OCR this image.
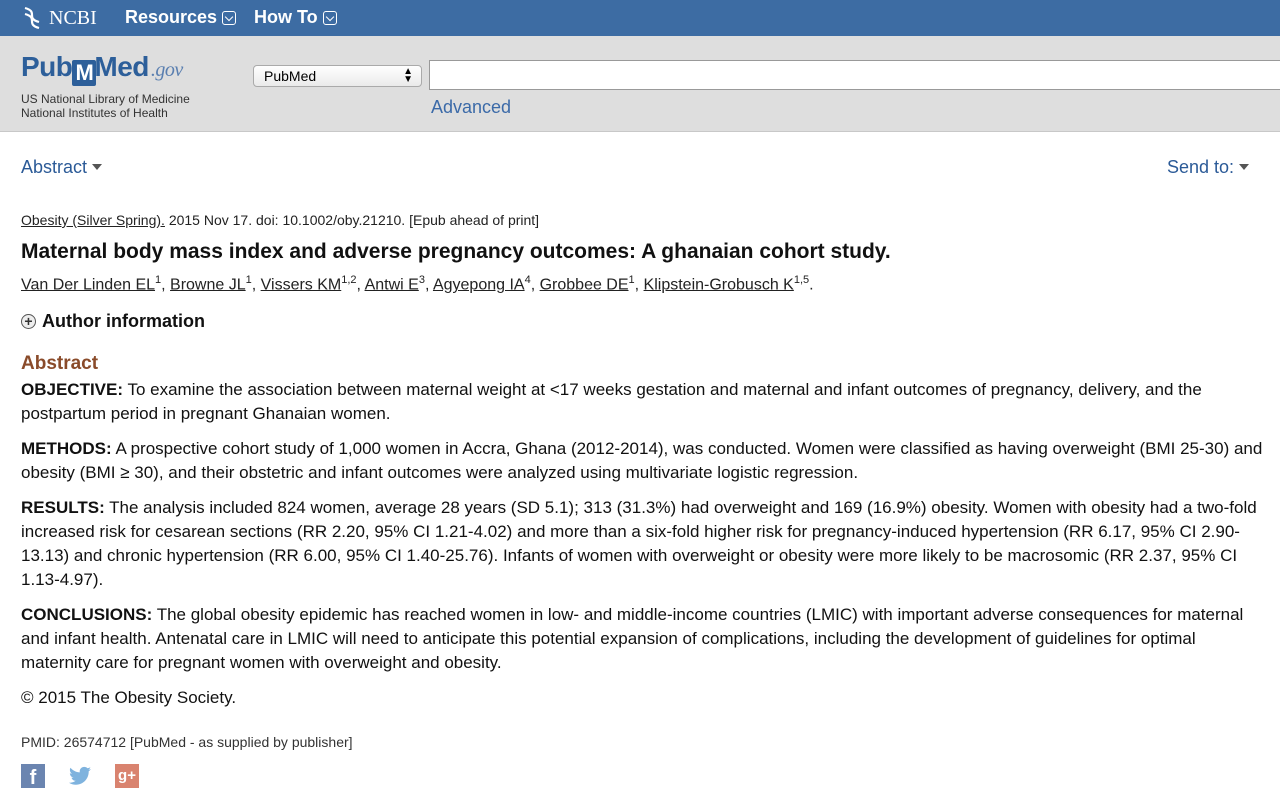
NCBI Resources How To
Pub MMed .gov
US National Library of Medicine
National Institutes of Health
PubMed	▲
▼
Advanced
Abstract	Send to:
Obesity (Silver Spring). 2015 Nov 17. doi: 10.1002/oby.21210. [Epub ahead of print]
Maternal body mass index and adverse pregnancy outcomes: A ghanaian cohort study.
Van Der Linden $EL^1$, Browne $JL^1$, Vissers KM$^{1,2}$, Antwi $E^3$, Agyepong $IA^4$, Grobbee $DE^1$, Klipstein-Grobusch K$^{1,5}$.
+ Author information
Abstract

OBJECTIVE: To examine the association between maternal weight at <17 weeks gestation and maternal and infant outcomes of pregnancy, delivery, and the postpartum period in pregnant Ghanaian women.

METHODS: A prospective cohort study of 1,000 women in Accra, Ghana (2012-2014), was conducted. Women were classified as having overweight (BMI 25-30) and obesity (BMI ≥ 30), and their obstetric and infant outcomes were analyzed using multivariate logistic regression.

RESULTS: The analysis included 824 women, average 28 years (SD 5.1); 313 (31.3%) had overweight and 169 (16.9%) obesity. Women with obesity had a two-fold increased risk for cesarean sections (RR 2.20, 95% CI 1.21-4.02) and more than a six-fold higher risk for pregnancy-induced hypertension (RR 6.17, 95% CI 2.90-13.13) and chronic hypertension (RR 6.00, 95% CI 1.40-25.76). Infants of women with overweight or obesity were more likely to be macrosomic (RR 2.37, 95% CI 1.13-4.97).

CONCLUSIONS: The global obesity epidemic has reached women in low- and middle-income countries (LMIC) with important adverse consequences for maternal and infant health. Antenatal care in LMIC will need to anticipate this potential expansion of complications, including the development of guidelines for optimal maternity care for pregnant women with overweight and obesity.

© 2015 The Obesity Society.

PMID: 26574712 [PubMed - as supplied by publisher]
f	g+
